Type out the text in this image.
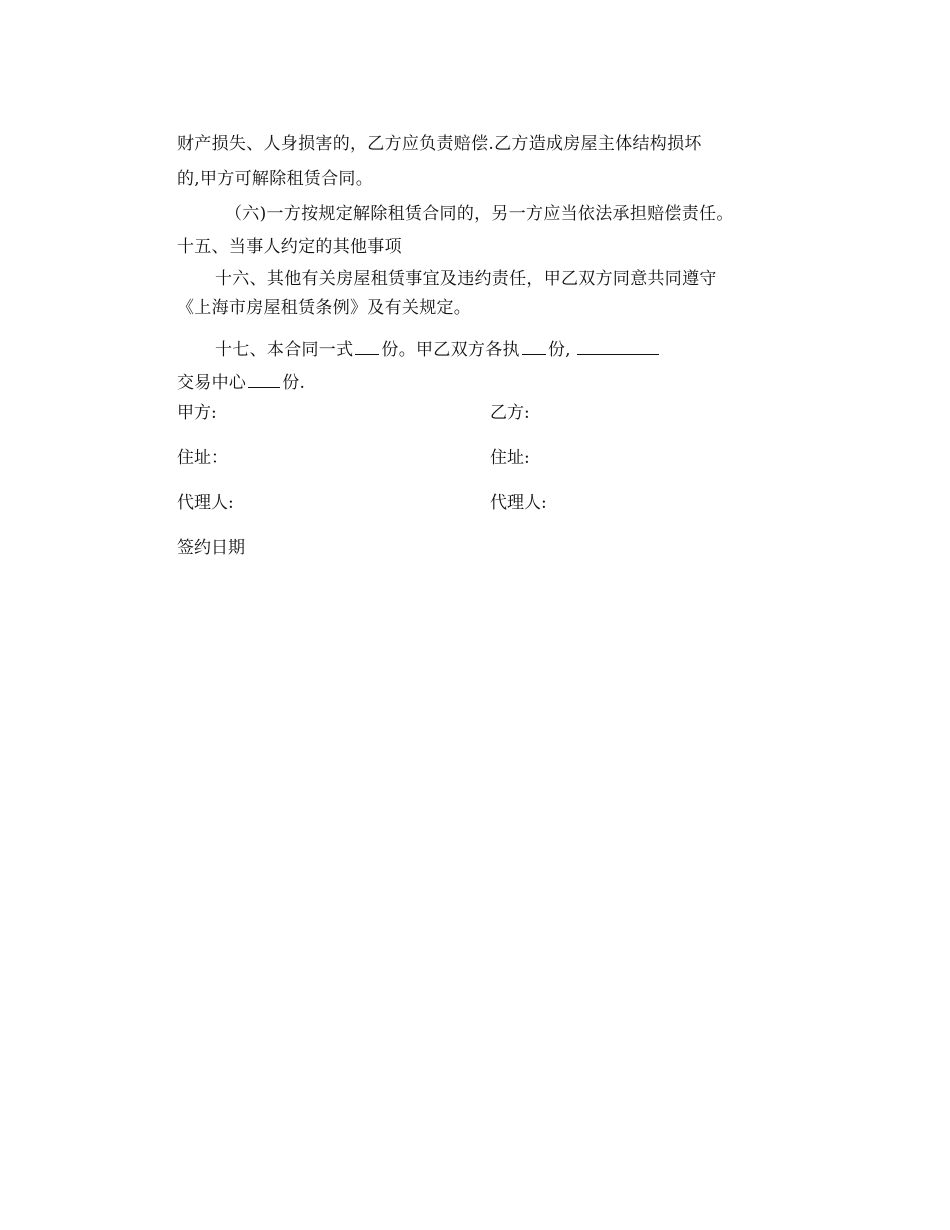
财产损失、人身损害的，乙方应负责赔偿.乙方造成房屋主体结构损坏
的,甲方可解除租赁合同。
（六)一方按规定解除租赁合同的，另一方应当依法承担赔偿责任。
十五、当事人约定的其他事项
十六、其他有关房屋租赁事宜及违约责任，甲乙双方同意共同遵守
《上海市房屋租赁条例》及有关规定。
十七、本合同一式 份。甲乙双方各执 份,
交易中心 份.
甲方:	乙方:
住址：	住址:
代理人:	代理人:
签约日期
